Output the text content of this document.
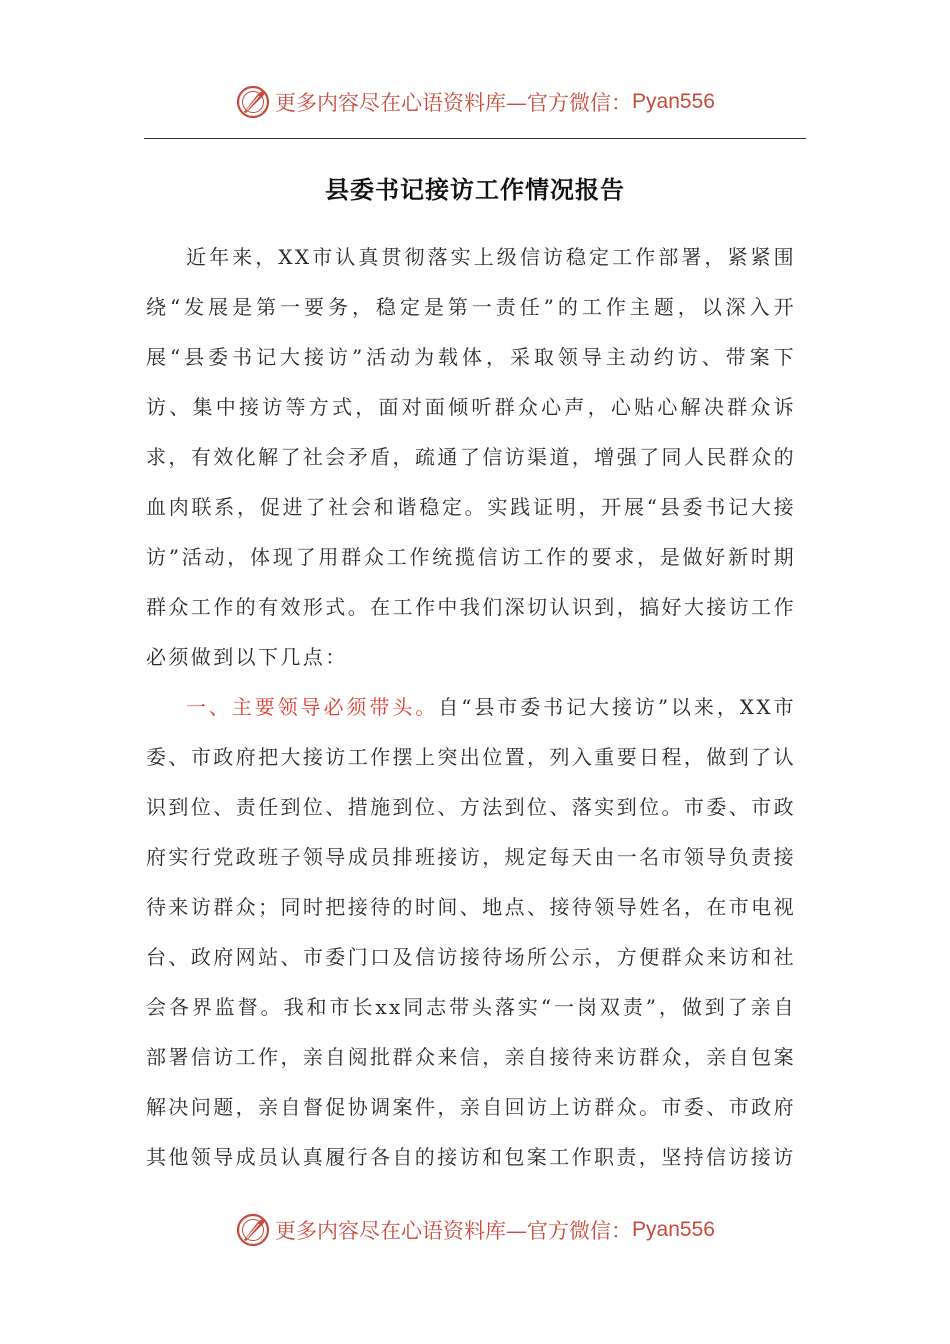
更多内容尽在心语资料库—官方微信： Pyan556
县委书记接访工作情况报告

近年来，XX市认真贯彻落实上级信访稳定工作部署，紧紧围绕“发展是第一要务，稳定是第一责任”的工作主题，以深入开展“县委书记大接访”活动为载体，采取领导主动约访、带案下访、集中接访等方式，面对面倾听群众心声，心贴心解决群众诉求，有效化解了社会矛盾，疏通了信访渠道，增强了同人民群众的血肉联系，促进了社会和谐稳定。实践证明，开展“县委书记大接访”活动，体现了用群众工作统揽信访工作的要求，是做好新时期群众工作的有效形式。在工作中我们深切认识到，搞好大接访工作必须做到以下几点：

一、主要领导必须带头。自“县市委书记大接访”以来，XX市委、市政府把大接访工作摆上突出位置，列入重要日程，做到了认识到位、责任到位、措施到位、方法到位、落实到位。市委、市政府实行党政班子领导成员排班接访，规定每天由一名市领导负责接待来访群众；同时把接待的时间、地点、接待领导姓名，在市电视台、政府网站、市委门口及信访接待场所公示，方便群众来访和社会各界监督。我和市长xx同志带头落实“一岗双责”，做到了亲自部署信访工作，亲自阅批群众来信，亲自接待来访群众，亲自包案解决问题，亲自督促协调案件，亲自回访上访群众。市委、市政府其他领导成员认真履行各自的接访和包案工作职责，坚持信访接访

更多内容尽在心语资料库—官方微信： Pyan556
